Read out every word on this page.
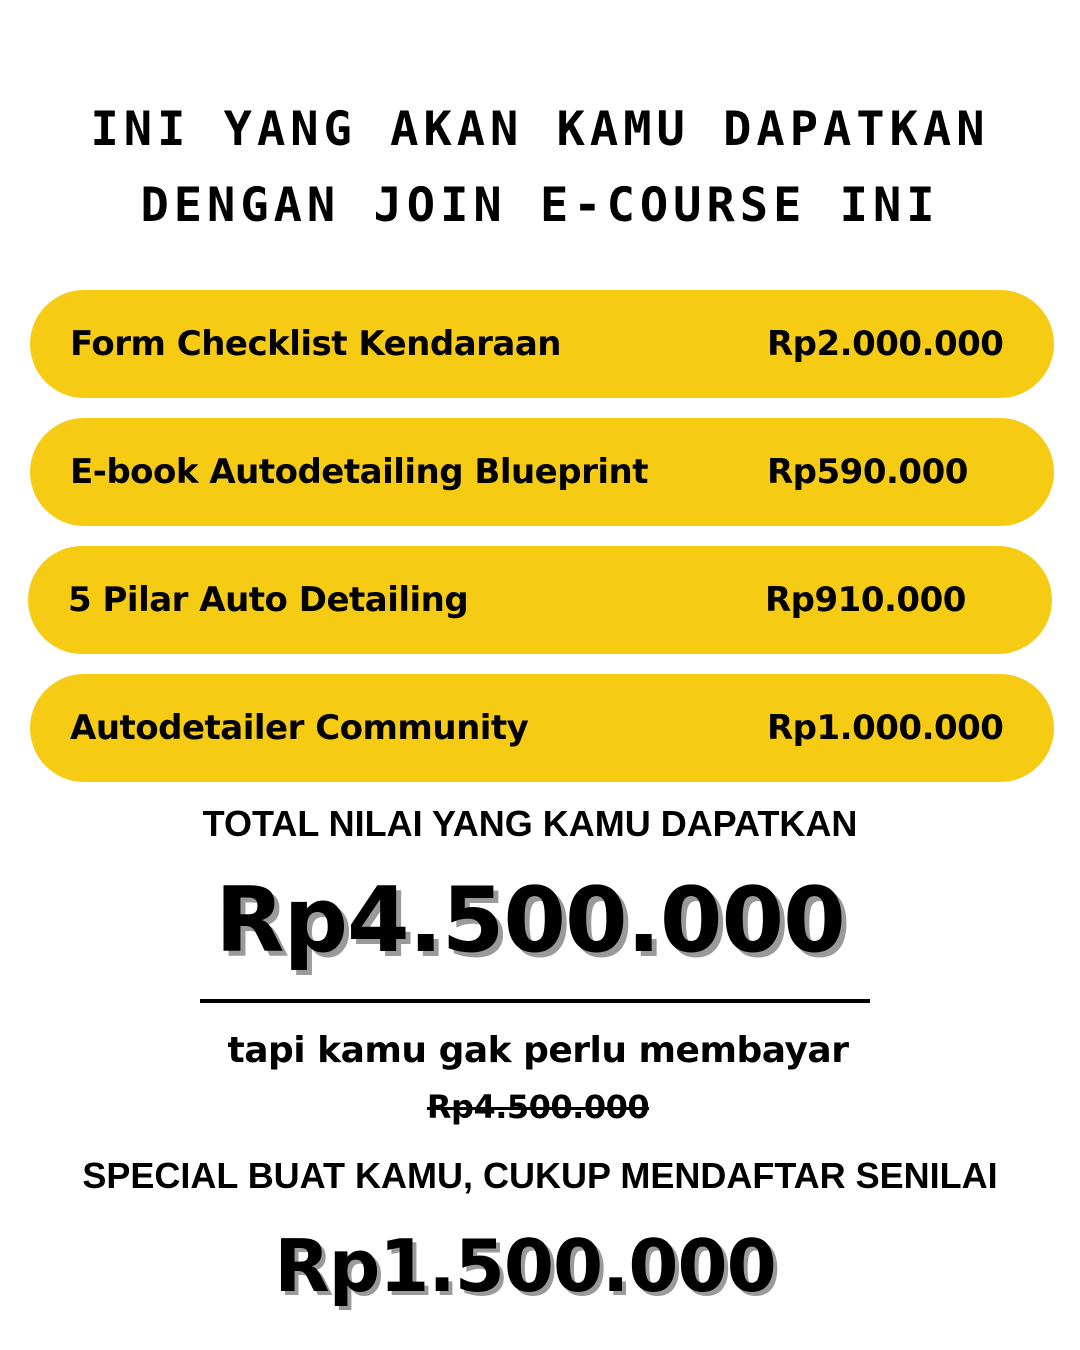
INI YANG AKAN KAMU DAPATKAN
DENGAN JOIN E-COURSE INI
Form Checklist Kendaraan	Rp2.000.000
E-book Autodetailing Blueprint	Rp590.000
5 Pilar Auto Detailing	Rp910.000
Autodetailer Community	Rp1.000.000
TOTAL NILAI YANG KAMU DAPATKAN
Rp4.500.000
tapi kamu gak perlu membayar
Rp4.500.000
SPECIAL BUAT KAMU, CUKUP MENDAFTAR SENILAI
Rp1.500.000
